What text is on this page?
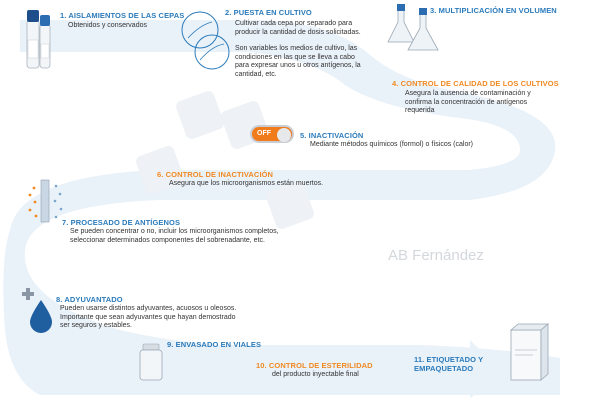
AB Fernández
OFF
1. AISLAMIENTOS DE LAS CEPAS
Obtenidos y conservados
2. PUESTA EN CULTIVO
Cultivar cada cepa por separado para
producir la cantidad de dosis solicitadas.
Son variables los medios de cultivo, las
condiciones en las que se lleva a cabo
para expresar unos u otros antígenos, la
cantidad, etc.
3. MULTIPLICACIÓN EN VOLUMEN
4. CONTROL DE CALIDAD DE LOS CULTIVOS
Asegura la ausencia de contaminación y
confirma la concentración de antígenos
requerida
5. INACTIVACIÓN
Mediante métodos químicos (formol) o físicos (calor)
6. CONTROL DE INACTIVACIÓN
Asegura que los microorganismos están muertos.
7. PROCESADO DE ANTÍGENOS
Se pueden concentrar o no, incluir los microorganismos completos,
seleccionar determinados componentes del sobrenadante, etc.
8. ADYUVANTADO
Pueden usarse distintos adyuvantes, acuosos u oleosos.
Importante que sean adyuvantes que hayan demostrado
ser seguros y estables.
9. ENVASADO EN VIALES
10. CONTROL DE ESTERILIDAD
del producto inyectable final
11. ETIQUETADO Y
EMPAQUETADO
